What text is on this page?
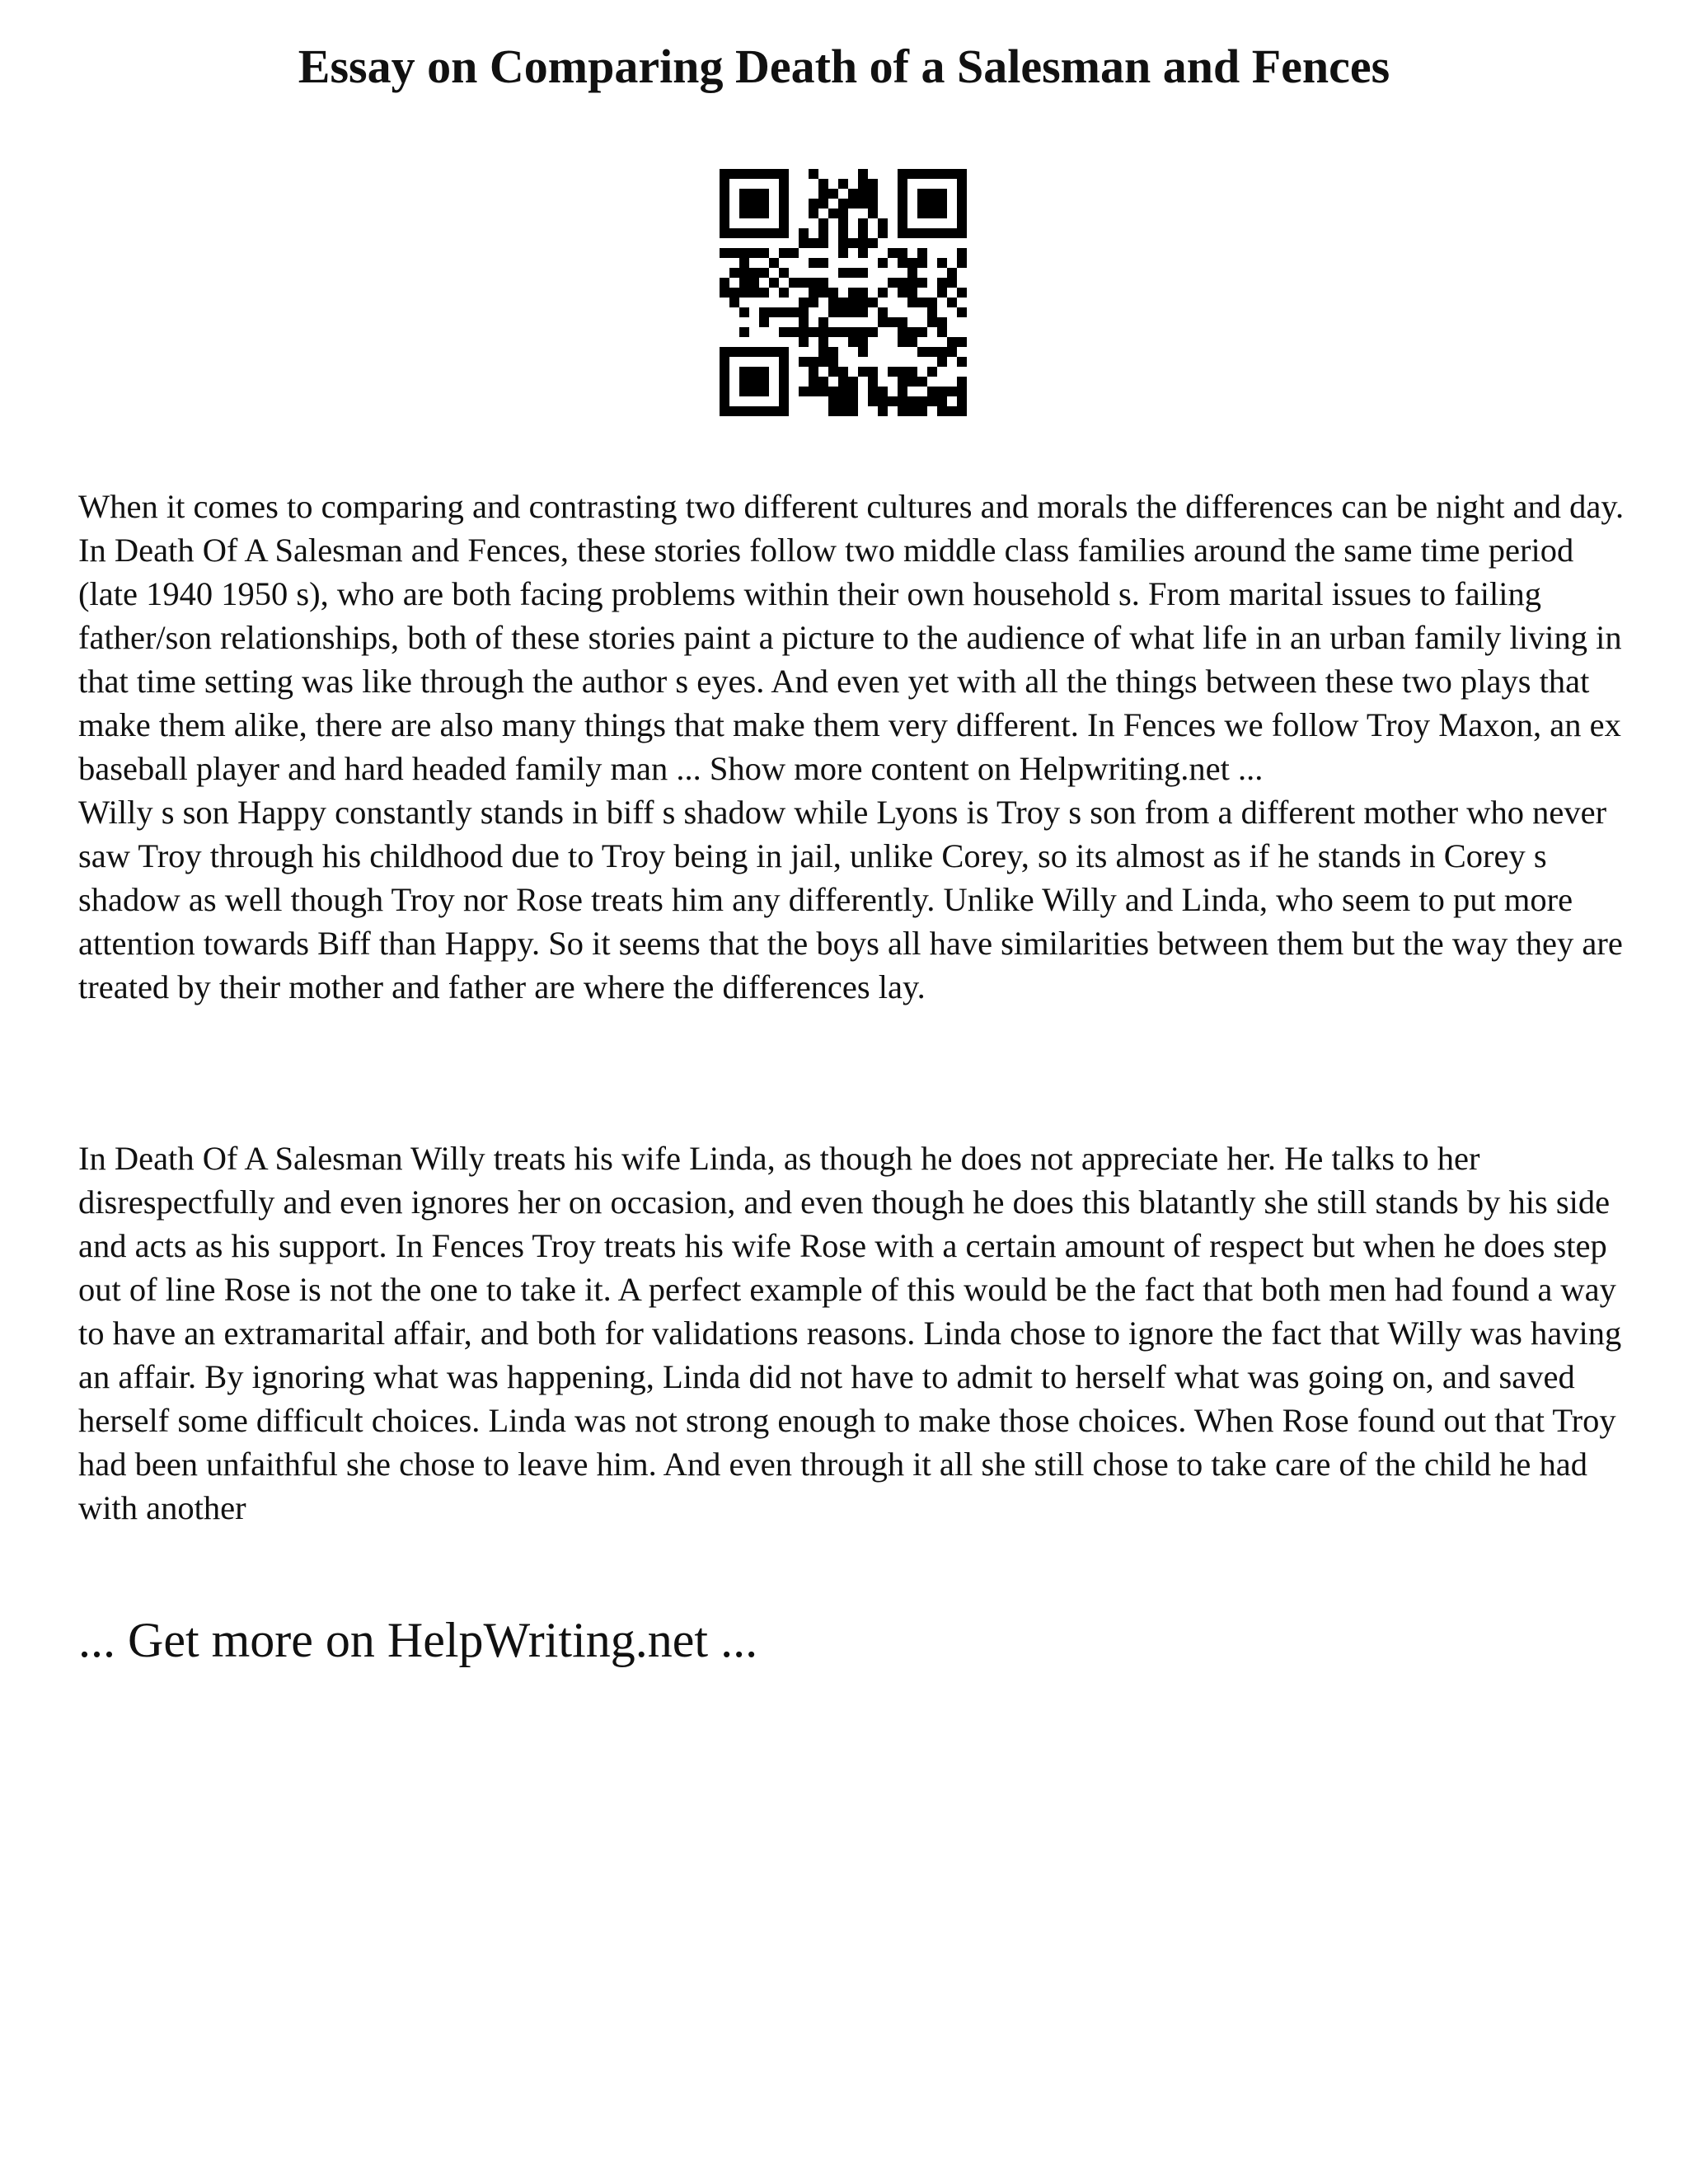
Essay on Comparing Death of a Salesman and Fences

When it comes to comparing and contrasting two different cultures and morals the differences can be night and day. In Death Of A Salesman and Fences, these stories follow two middle class families around the same time period (late 1940 1950 s), who are both facing problems within their own household s. From marital issues to failing father/son relationships, both of these stories paint a picture to the audience of what life in an urban family living in that time setting was like through the author s eyes. And even yet with all the things between these two plays that make them alike, there are also many things that make them very different. In Fences we follow Troy Maxon, an ex baseball player and hard headed family man ... Show more content on Helpwriting.net ...
Willy s son Happy constantly stands in biff s shadow while Lyons is Troy s son from a different mother who never saw Troy through his childhood due to Troy being in jail, unlike Corey, so its almost as if he stands in Corey s shadow as well though Troy nor Rose treats him any differently. Unlike Willy and Linda, who seem to put more attention towards Biff than Happy. So it seems that the boys all have similarities between them but the way they are treated by their mother and father are where the differences lay.

In Death Of A Salesman Willy treats his wife Linda, as though he does not appreciate her. He talks to her disrespectfully and even ignores her on occasion, and even though he does this blatantly she still stands by his side and acts as his support. In Fences Troy treats his wife Rose with a certain amount of respect but when he does step out of line Rose is not the one to take it. A perfect example of this would be the fact that both men had found a way to have an extramarital affair, and both for validations reasons. Linda chose to ignore the fact that Willy was having an affair. By ignoring what was happening, Linda did not have to admit to herself what was going on, and saved herself some difficult choices. Linda was not strong enough to make those choices. When Rose found out that Troy had been unfaithful she chose to leave him. And even through it all she still chose to take care of the child he had with another

... Get more on HelpWriting.net ...
